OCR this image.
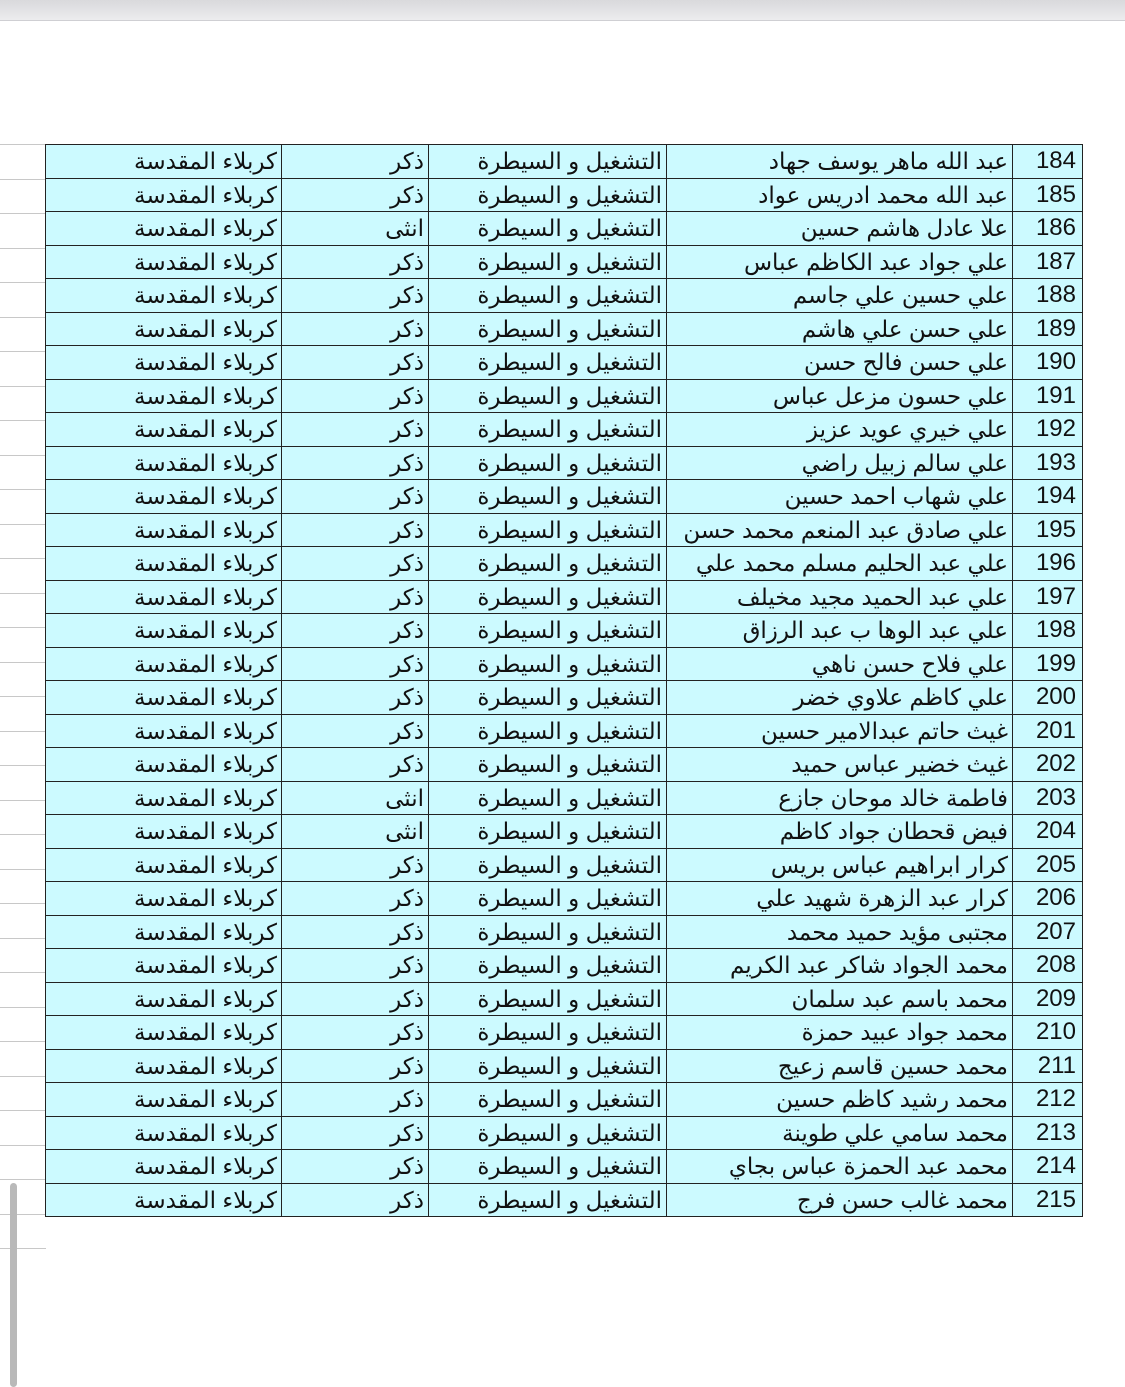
184	عبد الله ماهر يوسف جهاد	التشغيل و السيطرة	ذكر	كربلاء المقدسة
185	عبد الله محمد ادريس عواد	التشغيل و السيطرة	ذكر	كربلاء المقدسة
186	علا عادل هاشم حسين	التشغيل و السيطرة	انثى	كربلاء المقدسة
187	علي جواد عبد الكاظم عباس	التشغيل و السيطرة	ذكر	كربلاء المقدسة
188	علي حسين علي جاسم	التشغيل و السيطرة	ذكر	كربلاء المقدسة
189	علي حسن علي هاشم	التشغيل و السيطرة	ذكر	كربلاء المقدسة
190	علي حسن فالح حسن	التشغيل و السيطرة	ذكر	كربلاء المقدسة
191	علي حسون مزعل عباس	التشغيل و السيطرة	ذكر	كربلاء المقدسة
192	علي خيري عويد عزيز	التشغيل و السيطرة	ذكر	كربلاء المقدسة
193	علي سالم زبيل راضي	التشغيل و السيطرة	ذكر	كربلاء المقدسة
194	علي شهاب احمد حسين	التشغيل و السيطرة	ذكر	كربلاء المقدسة
195	علي صادق عبد المنعم محمد حسن	التشغيل و السيطرة	ذكر	كربلاء المقدسة
196	علي عبد الحليم مسلم محمد علي	التشغيل و السيطرة	ذكر	كربلاء المقدسة
197	علي عبد الحميد مجيد مخيلف	التشغيل و السيطرة	ذكر	كربلاء المقدسة
198	علي عبد الوها ب عبد الرزاق	التشغيل و السيطرة	ذكر	كربلاء المقدسة
199	علي فلاح حسن ناهي	التشغيل و السيطرة	ذكر	كربلاء المقدسة
200	علي كاظم علاوي خضر	التشغيل و السيطرة	ذكر	كربلاء المقدسة
201	غيث حاتم عبدالامير حسين	التشغيل و السيطرة	ذكر	كربلاء المقدسة
202	غيث خضير عباس حميد	التشغيل و السيطرة	ذكر	كربلاء المقدسة
203	فاطمة خالد موحان جازع	التشغيل و السيطرة	انثى	كربلاء المقدسة
204	فيض قحطان جواد كاظم	التشغيل و السيطرة	انثى	كربلاء المقدسة
205	كرار ابراهيم عباس بريس	التشغيل و السيطرة	ذكر	كربلاء المقدسة
206	كرار عبد الزهرة شهيد علي	التشغيل و السيطرة	ذكر	كربلاء المقدسة
207	مجتبى مؤيد حميد محمد	التشغيل و السيطرة	ذكر	كربلاء المقدسة
208	محمد الجواد شاكر عبد الكريم	التشغيل و السيطرة	ذكر	كربلاء المقدسة
209	محمد باسم عبد سلمان	التشغيل و السيطرة	ذكر	كربلاء المقدسة
210	محمد جواد عبيد حمزة	التشغيل و السيطرة	ذكر	كربلاء المقدسة
211	محمد حسين قاسم زعيج	التشغيل و السيطرة	ذكر	كربلاء المقدسة
212	محمد رشيد كاظم حسين	التشغيل و السيطرة	ذكر	كربلاء المقدسة
213	محمد سامي علي طوينة	التشغيل و السيطرة	ذكر	كربلاء المقدسة
214	محمد عبد الحمزة عباس بجاي	التشغيل و السيطرة	ذكر	كربلاء المقدسة
215	محمد غالب حسن فرج	التشغيل و السيطرة	ذكر	كربلاء المقدسة
